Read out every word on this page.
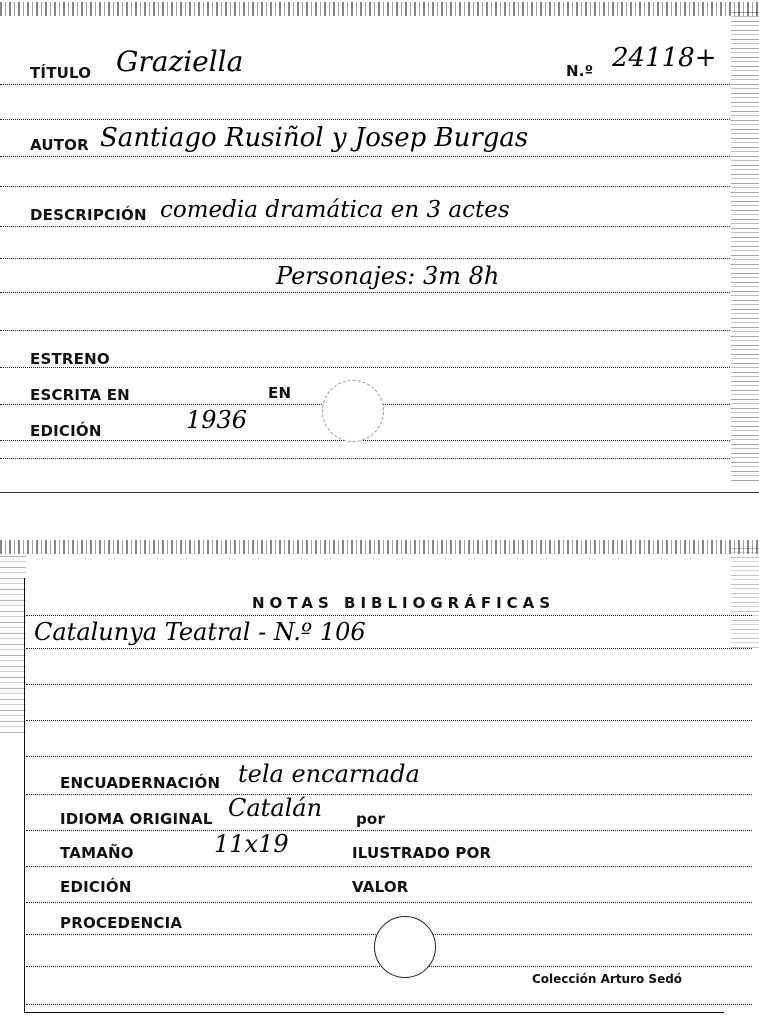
TÍTULO Graziella	N.º 24118+
AUTOR Santiago Rusiñol y Josep Burgas
DESCRIPCIÓN comedia dramática en 3 actes
Personajes: 3m 8h
ESTRENO
ESCRITA EN	EN
EDICIÓN	1936
NOTAS BIBLIOGRÁFICAS
Catalunya Teatral - N.º 106
ENCUADERNACIÓN tela encarnada
IDIOMA ORIGINAL Catalán por
TAMAÑO	11x19	ILUSTRADO POR
EDICIÓN	VALOR
PROCEDENCIA
Colección Arturo Sedó
